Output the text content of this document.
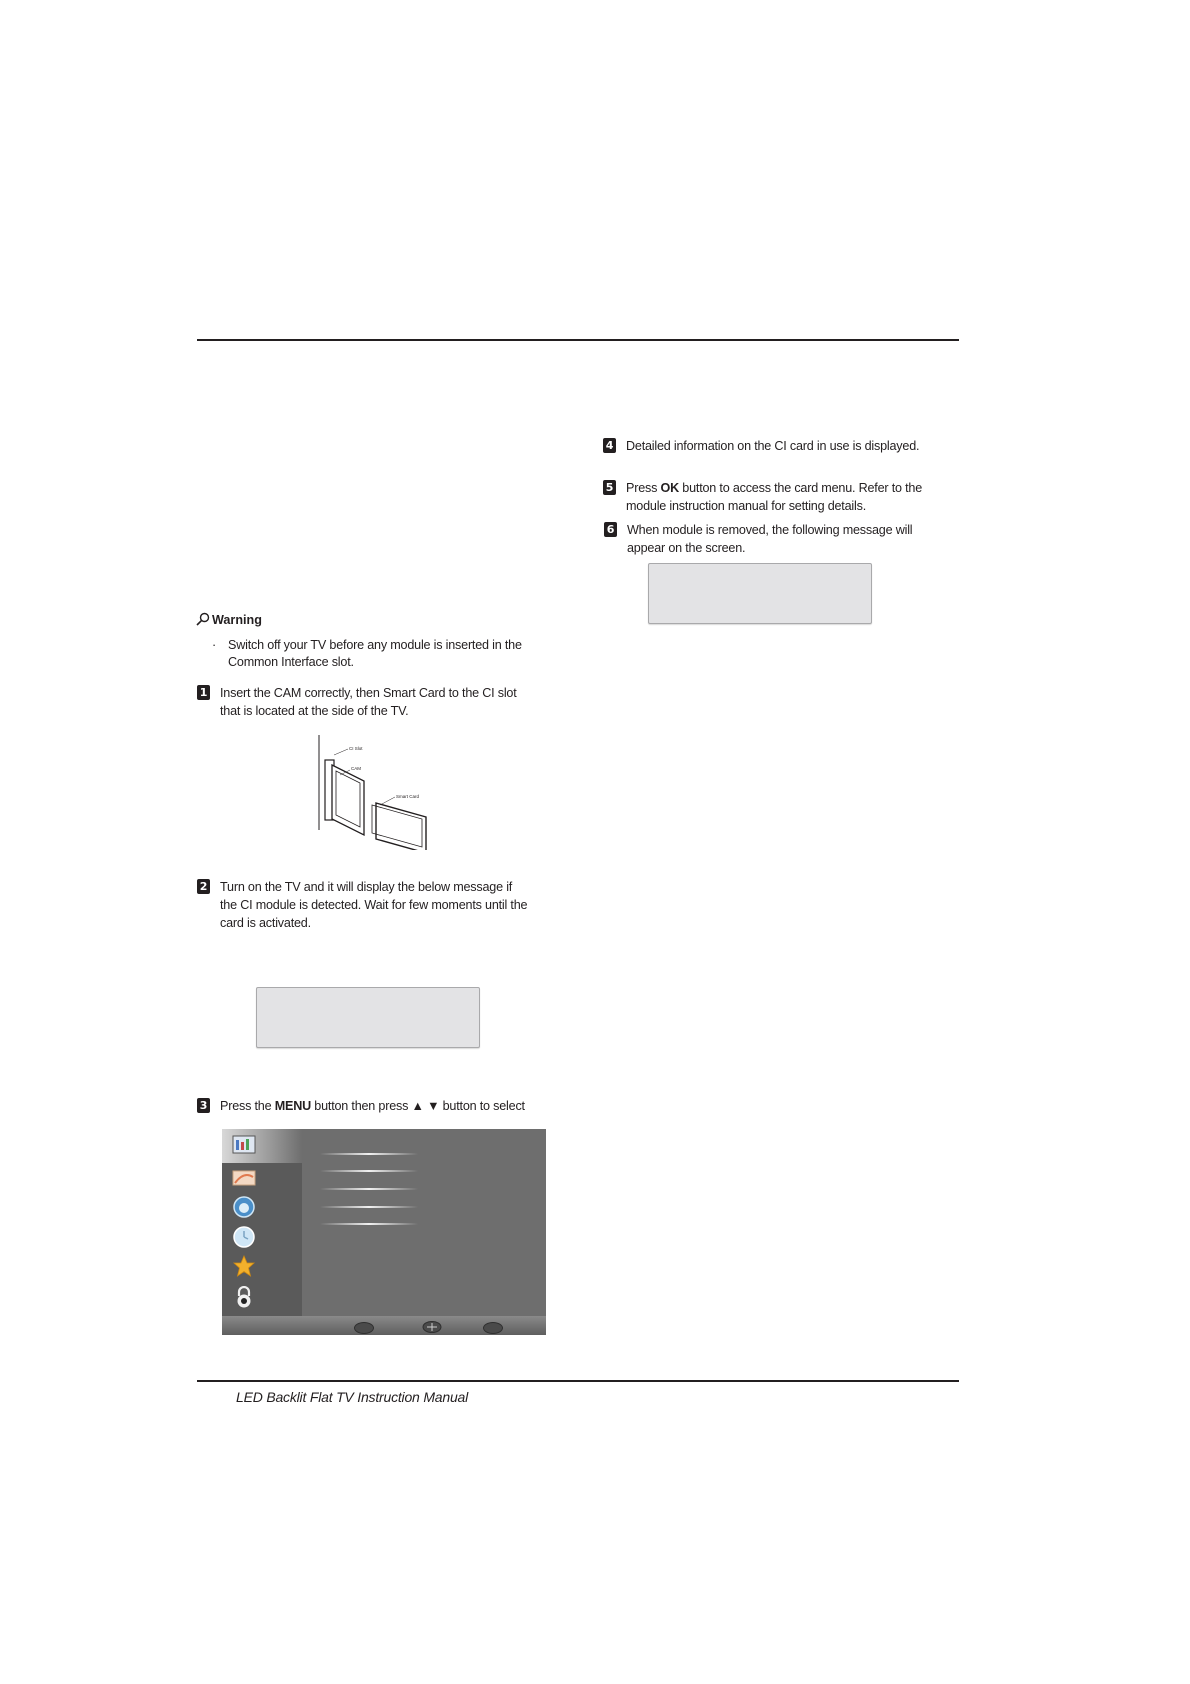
Warning
· Switch off your TV before any module is inserted in the Common Interface slot.
1 Insert the CAM correctly, then Smart Card to the CI slot that is located at the side of the TV.
CI Slot
CAM
Smart Card
2 Turn on the TV and it will display the below message if the CI module is detected. Wait for few moments until the card is activated.
3 Press the MENU button then press ▲ ▼ button to select
4 Detailed information on the CI card in use is displayed.
5 Press OK button to access the card menu. Refer to the module instruction manual for setting details.
6 When module is removed, the following message will appear on the screen.
LED Backlit Flat TV Instruction Manual
